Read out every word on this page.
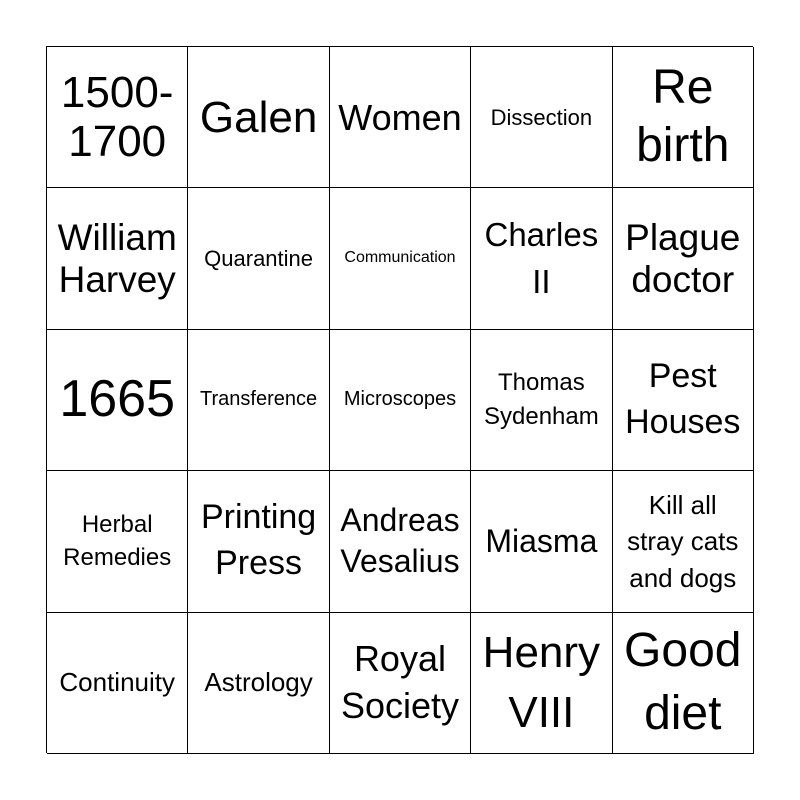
1500-
1700
Galen Women Dissection
Re
birth
William
Harvey
Quarantine Communication
Charles
II
Plague
doctor
1665 Transference Microscopes
Thomas
Sydenham
Pest
Houses
Herbal
Remedies
Printing
Press
Andreas
Vesalius
Miasma
Kill all
stray cats
and dogs
Continuity Astrology
Royal
Society
Henry
VIII
Good
diet
